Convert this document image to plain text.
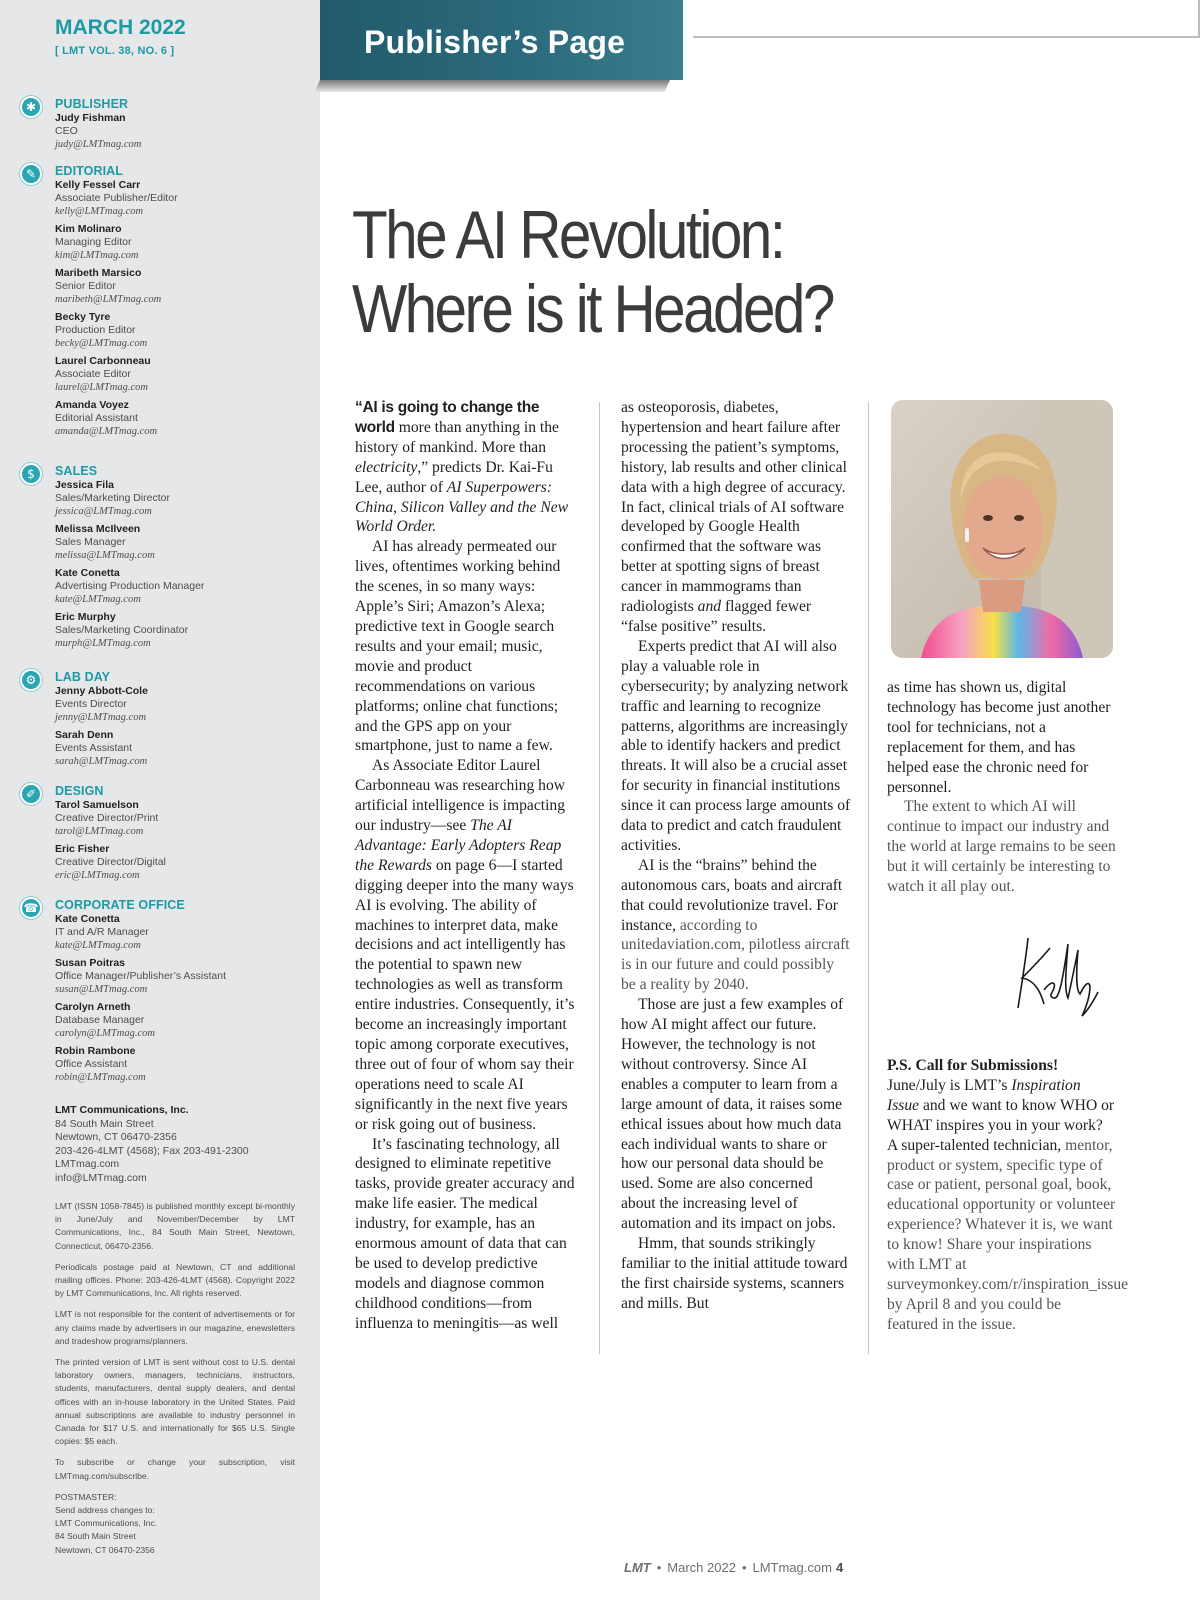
MARCH 2022
[ LMT VOL. 38, NO. 6 ]
✱	PUBLISHER
Judy Fishman
CEO
judy@LMTmag.com
✎	EDITORIAL
Kelly Fessel Carr
Associate Publisher/Editor
kelly@LMTmag.com
Kim Molinaro
Managing Editor
kim@LMTmag.com
Maribeth Marsico
Senior Editor
maribeth@LMTmag.com
Becky Tyre
Production Editor
becky@LMTmag.com
Laurel Carbonneau
Associate Editor
laurel@LMTmag.com
Amanda Voyez
Editorial Assistant
amanda@LMTmag.com
$	SALES
Jessica Fila
Sales/Marketing Director
jessica@LMTmag.com
Melissa McIlveen
Sales Manager
melissa@LMTmag.com
Kate Conetta
Advertising Production Manager
kate@LMTmag.com
Eric Murphy
Sales/Marketing Coordinator
murph@LMTmag.com
⚙	LAB DAY
Jenny Abbott-Cole
Events Director
jenny@LMTmag.com
Sarah Denn
Events Assistant
sarah@LMTmag.com
✐	DESIGN
Tarol Samuelson
Creative Director/Print
tarol@LMTmag.com
Eric Fisher
Creative Director/Digital
eric@LMTmag.com
☎ CORPORATE OFFICE
Kate Conetta
IT and A/R Manager
kate@LMTmag.com
Susan Poitras
Office Manager/Publisher’s Assistant
susan@LMTmag.com
Carolyn Arneth
Database Manager
carolyn@LMTmag.com
Robin Rambone
Office Assistant
robin@LMTmag.com
LMT Communications, Inc.
84 South Main Street
Newtown, CT 06470-2356
203-426-4LMT (4568); Fax 203-491-2300
LMTmag.com
info@LMTmag.com

LMT (ISSN 1058-7845) is published monthly except bi-monthly in June/July and November/December by LMT Communications, Inc., 84 South Main Street, Newtown, Connecticut, 06470-2356.

Periodicals postage paid at Newtown, CT and additional mailing offices. Phone: 203-426-4LMT (4568). Copyright 2022 by LMT Communications, Inc. All rights reserved.

LMT is not responsible for the content of advertisements or for any claims made by advertisers in our magazine, enewsletters and tradeshow programs/planners.

The printed version of LMT is sent without cost to U.S. dental laboratory owners, managers, technicians, instructors, students, manufacturers, dental supply dealers, and dental offices with an in-house laboratory in the United States. Paid annual subscriptions are available to industry personnel in Canada for $17 U.S. and internationally for $65 U.S. Single copies: $5 each.

To subscribe or change your subscription, visit LMTmag.com/subscribe.

POSTMASTER:
Send address changes to:
LMT Communications, Inc.
84 South Main Street
Newtown, CT 06470-2356

Publisher’s Page
The AI Revolution:
Where is it Headed?

“AI is going to change the world more than anything in the history of mankind. More than electricity,” predicts Dr. Kai-Fu Lee, author of AI Superpowers: China, Silicon Valley and the New World Order.

AI has already permeated our lives, oftentimes working behind the scenes, in so many ways: Apple’s Siri; Amazon’s Alexa; predictive text in Google search results and your email; music, movie and product recommendations on various platforms; online chat functions; and the GPS app on your smartphone, just to name a few.

As Associate Editor Laurel Carbonneau was researching how artificial intelligence is impacting our industry—see The AI Advantage: Early Adopters Reap the Rewards on page 6—I started digging deeper into the many ways AI is evolving. The ability of machines to interpret data, make decisions and act intelligently has the potential to spawn new technologies as well as transform entire industries. Consequently, it’s become an increasingly important topic among corporate executives, three out of four of whom say their operations need to scale AI significantly in the next five years or risk going out of business.

It’s fascinating technology, all designed to eliminate repetitive tasks, provide greater accuracy and make life easier. The medical industry, for example, has an enormous amount of data that can be used to develop predictive models and diagnose common childhood conditions—from influenza to meningitis—as well

as osteoporosis, diabetes, hypertension and heart failure after processing the patient’s symptoms, history, lab results and other clinical data with a high degree of accuracy. In fact, clinical trials of AI software developed by Google Health confirmed that the software was better at spotting signs of breast cancer in mammograms than radiologists and flagged fewer “false positive” results.

Experts predict that AI will also play a valuable role in cybersecurity; by analyzing network traffic and learning to recognize patterns, algorithms are increasingly able to identify hackers and predict threats. It will also be a crucial asset for security in financial institutions since it can process large amounts of data to predict and catch fraudulent activities.

AI is the “brains” behind the autonomous cars, boats and aircraft that could revolutionize travel. For instance, according to unitedaviation.com, pilotless aircraft is in our future and could possibly be a reality by 2040.

Those are just a few examples of how AI might affect our future. However, the technology is not without controversy. Since AI enables a computer to learn from a large amount of data, it raises some ethical issues about how much data each individual wants to share or how our personal data should be used. Some are also concerned about the increasing level of automation and its impact on jobs.

Hmm, that sounds strikingly familiar to the initial attitude toward the first chairside systems, scanners and mills. But

as time has shown us, digital technology has become just another tool for technicians, not a replacement for them, and has helped ease the chronic need for personnel.

The extent to which AI will continue to impact our industry and the world at large remains to be seen but it will certainly be interesting to watch it all play out.

P.S. Call for Submissions! June/July is LMT’s Inspiration Issue and we want to know WHO or WHAT inspires you in your work? A super-talented technician, mentor, product or system, specific type of case or patient, personal goal, book, educational opportunity or volunteer experience? Whatever it is, we want to know! Share your inspirations with LMT at surveymonkey.com/r/inspiration_issue by April 8 and you could be featured in the issue.

LMT • March 2022 • LMTmag.com 4
